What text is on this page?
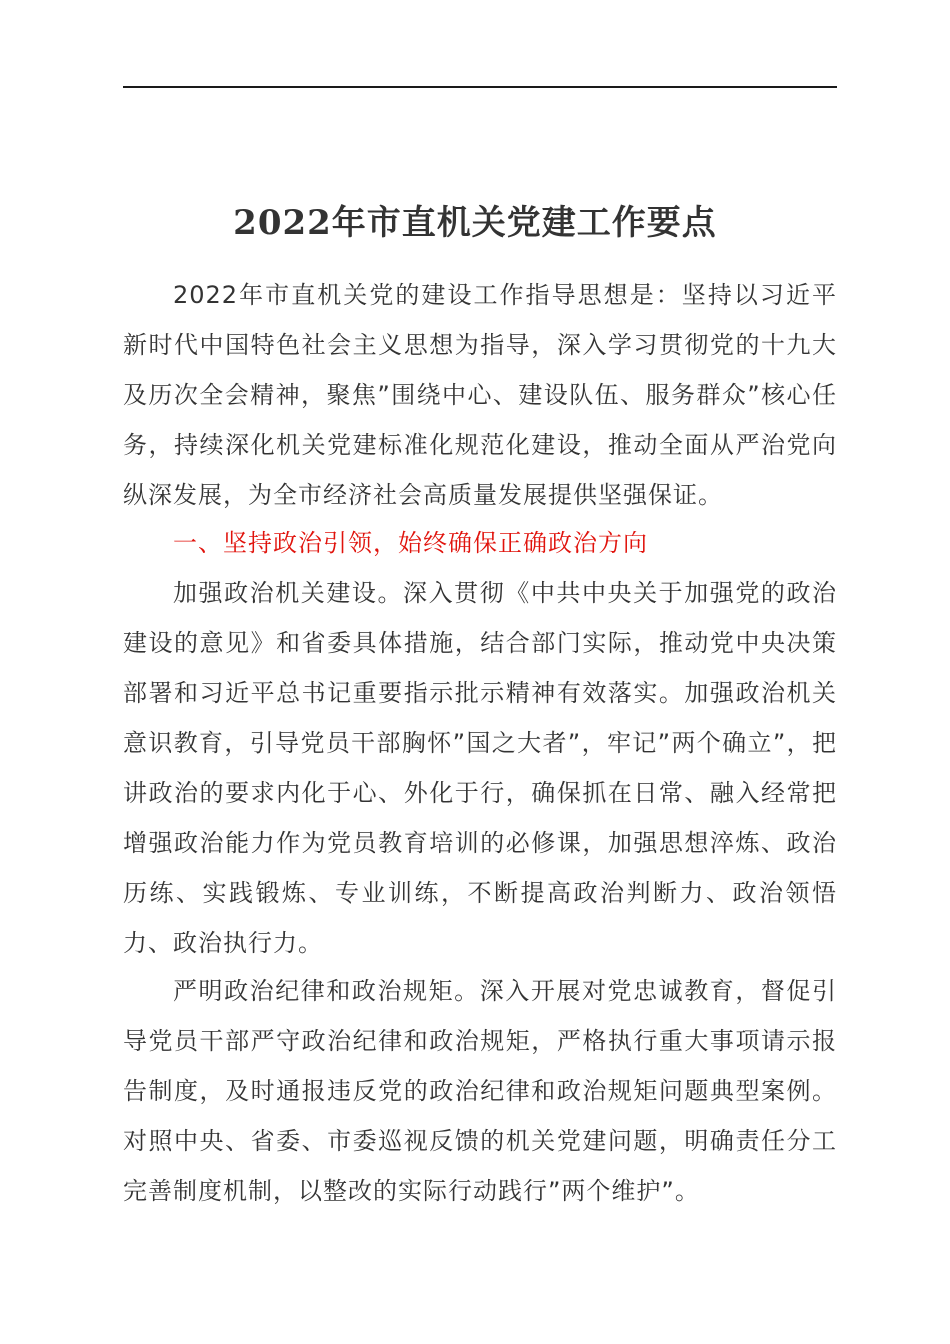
2022年市直机关党建工作要点

2022年市直机关党的建设工作指导思想是：坚持以习近平新时代中国特色社会主义思想为指导，深入学习贯彻党的十九大及历次全会精神，聚焦”围绕中心、建设队伍、服务群众”核心任务，持续深化机关党建标准化规范化建设，推动全面从严治党向纵深发展，为全市经济社会高质量发展提供坚强保证。

一、坚持政治引领，始终确保正确政治方向

加强政治机关建设。深入贯彻《中共中央关于加强党的政治建设的意见》和省委具体措施，结合部门实际，推动党中央决策部署和习近平总书记重要指示批示精神有效落实。加强政治机关意识教育，引导党员干部胸怀”国之大者”，牢记”两个确立”，把讲政治的要求内化于心、外化于行，确保抓在日常、融入经常把增强政治能力作为党员教育培训的必修课，加强思想淬炼、政治历练、实践锻炼、专业训练，不断提高政治判断力、政治领悟力、政治执行力。

严明政治纪律和政治规矩。深入开展对党忠诚教育，督促引导党员干部严守政治纪律和政治规矩，严格执行重大事项请示报告制度，及时通报违反党的政治纪律和政治规矩问题典型案例。对照中央、省委、市委巡视反馈的机关党建问题，明确责任分工完善制度机制，以整改的实际行动践行”两个维护”。
